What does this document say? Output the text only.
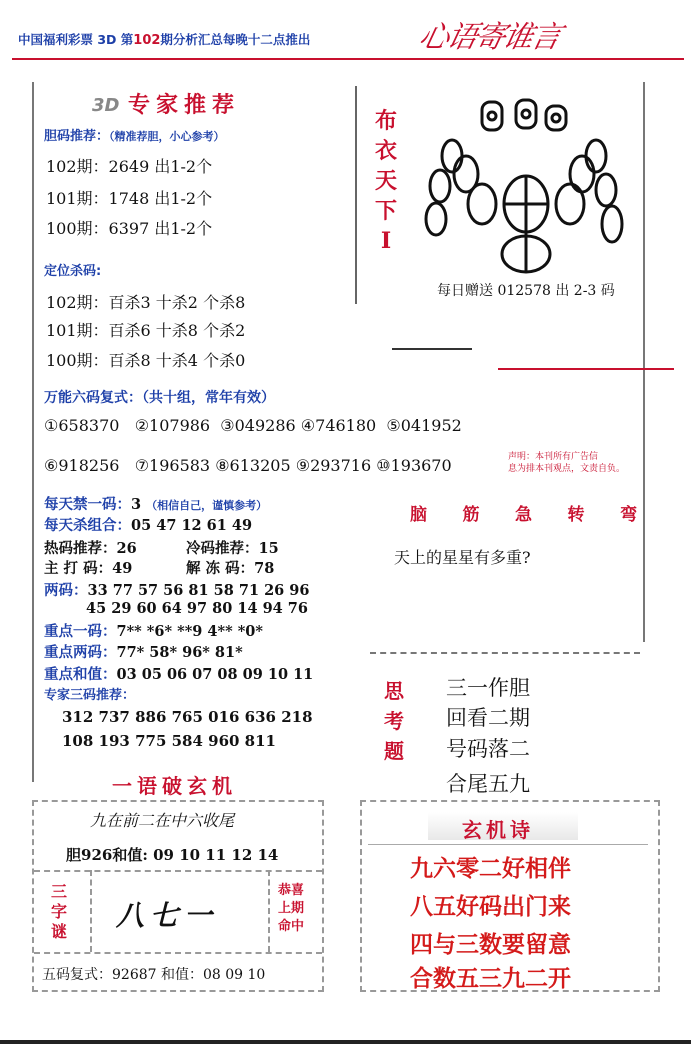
中国福利彩票 3D 第102期分析汇总每晚十二点推出	心语寄谁言
3D 专家推荐
胆码推荐：（精准荐胆，小心参考）
102期：2649 出1-2个
101期：1748 出1-2个
100期：6397 出1-2个
定位杀码:
102期：百杀3 十杀2 个杀8
101期：百杀6 十杀8 个杀2
100期：百杀8 十杀4 个杀0
布
衣
天
下
I
每日赠送 012578 出 2-3 码
万能六码复式：（共十组，常年有效）
①658370 ②107986 ③049286 ④746180 ⑤041952
⑥918256 ⑦196583 ⑧613205 ⑨293716 ⑩193670	声明：本刊所有广告信
息为排本刊观点，文责自负。
每天禁一码：3 （相信自己，谨慎参考）
每天杀组合：05 47 12 61 49
热码推荐：26	冷码推荐：15
主 打 码：49	解 冻 码：78
两码：33 77 57 56 81 58 71 26 96
45 29 60 64 97 80 14 94 76
重点一码：7** *6* **9 4** *0*
重点两码：77* 58* 96* 81*
重点和值：03 05 06 07 08 09 10 11
专家三码推荐：
312 737 886 765 016 636 218
108 193 775 584 960 811
脑 筋 急 转 弯
天上的星星有多重?
思
考
题
三一作胆
回看二期
号码落二
合尾五九
一语破玄机
九在前二在中六收尾
胆926和值: 09 10 11 12 14
三
字
谜 八七一
恭喜
上期
命中
五码复式：92687 和值：08 09 10
玄机诗
九六零二好相伴
八五好码出门来
四与三数要留意
合数五三九二开
